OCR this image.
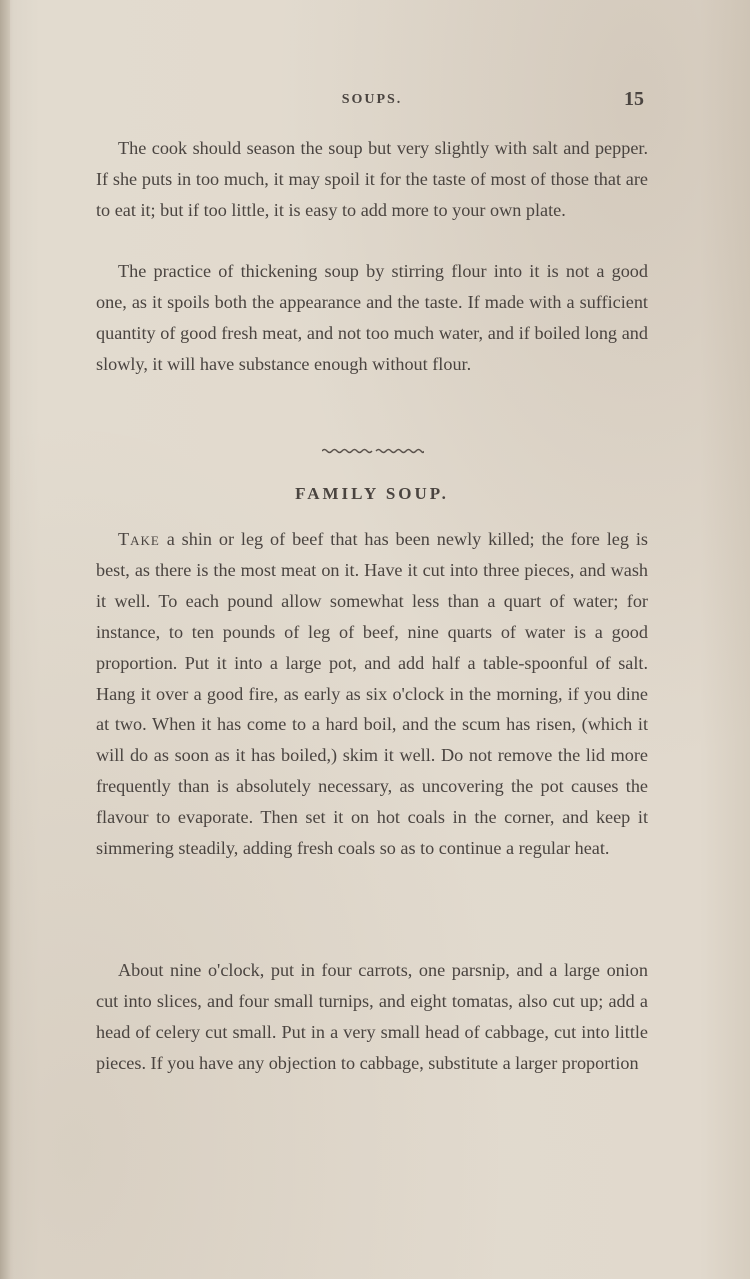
SOUPS.	15

The cook should season the soup but very slightly with salt and pepper. If she puts in too much, it may spoil it for the taste of most of those that are to eat it; but if too little, it is easy to add more to your own plate.

The practice of thickening soup by stirring flour into it is not a good one, as it spoils both the appearance and the taste. If made with a sufficient quantity of good fresh meat, and not too much water, and if boiled long and slowly, it will have substance enough without flour.

FAMILY SOUP.

Take a shin or leg of beef that has been newly killed; the fore leg is best, as there is the most meat on it. Have it cut into three pieces, and wash it well. To each pound allow somewhat less than a quart of water; for instance, to ten pounds of leg of beef, nine quarts of water is a good proportion. Put it into a large pot, and add half a table-spoonful of salt. Hang it over a good fire, as early as six o'clock in the morning, if you dine at two. When it has come to a hard boil, and the scum has risen, (which it will do as soon as it has boiled,) skim it well. Do not remove the lid more frequently than is absolutely necessary, as uncovering the pot causes the flavour to evaporate. Then set it on hot coals in the corner, and keep it simmering steadily, adding fresh coals so as to continue a regular heat.

About nine o'clock, put in four carrots, one parsnip, and a large onion cut into slices, and four small turnips, and eight tomatas, also cut up; add a head of celery cut small. Put in a very small head of cabbage, cut into little pieces. If you have any objection to cabbage, substitute a larger proportion
